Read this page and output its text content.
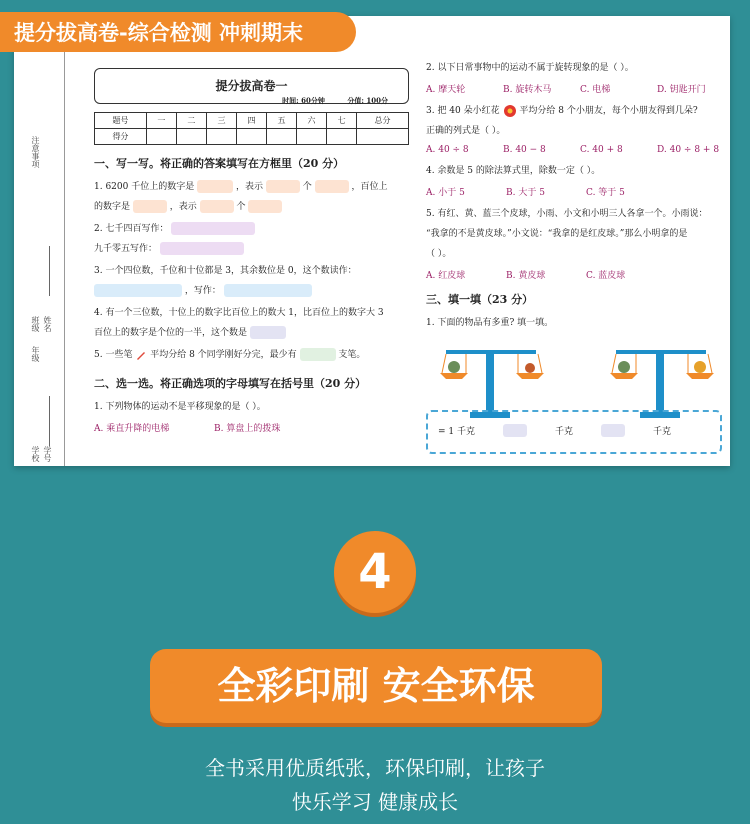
提分拔高卷一
时间: 60分钟	分值: 100分
题号	一	二	三	四	五	六	七	总分
得分								
一、写一写。将正确的答案填写在方框里（20 分）
1. 6200 千位上的数字是	，表示	个	，百位上
的数字是	，表示	个
2. 七千四百写作：
九千零五写作：
3. 一个四位数，千位和十位都是 3，其余数位是 0，这个数读作：
，写作：
4. 有一个三位数，十位上的数字比百位上的数大 1，比百位上的数字大 3
百位上的数字是个位的一半，这个数是
5. 一些笔 平均分给 8 个同学刚好分完，最少有	支笔。
二、选一选。将正确选项的字母填写在括号里（20 分）
1. 下列物体的运动不是平移现象的是（ ）。
A. 乘直升降的电梯	B. 算盘上的拨珠
2. 以下日常事物中的运动不属于旋转现象的是（ ）。
A. 摩天轮	B. 旋转木马	C. 电梯	D. 钥匙开门
3. 把 40 朵小红花 平均分给 8 个小朋友，每个小朋友得到几朵?
正确的列式是（ ）。
A. 40 ÷ 8	B. 40 − 8	C. 40 + 8	D. 40 ÷ 8 + 8
4. 余数是 5 的除法算式里，除数一定（ ）。
A. 小于 5	B. 大于 5	C. 等于 5
5. 有红、黄、蓝三个皮球，小雨、小文和小明三人各拿一个。小雨说：
“我拿的不是黄皮球。”小文说：“我拿的是红皮球。”那么小明拿的是
（ ）。
A. 红皮球	B. 黄皮球	C. 蓝皮球
三、填一填（23 分）
1. 下面的物品有多重? 填一填。
= 1 千克	千克	千克
注意事项
班级 姓名
年级
学校 学号
提分拔高卷-综合检测 冲刺期末
4
全彩印刷 安全环保
全书采用优质纸张，环保印刷，让孩子
快乐学习 健康成长
